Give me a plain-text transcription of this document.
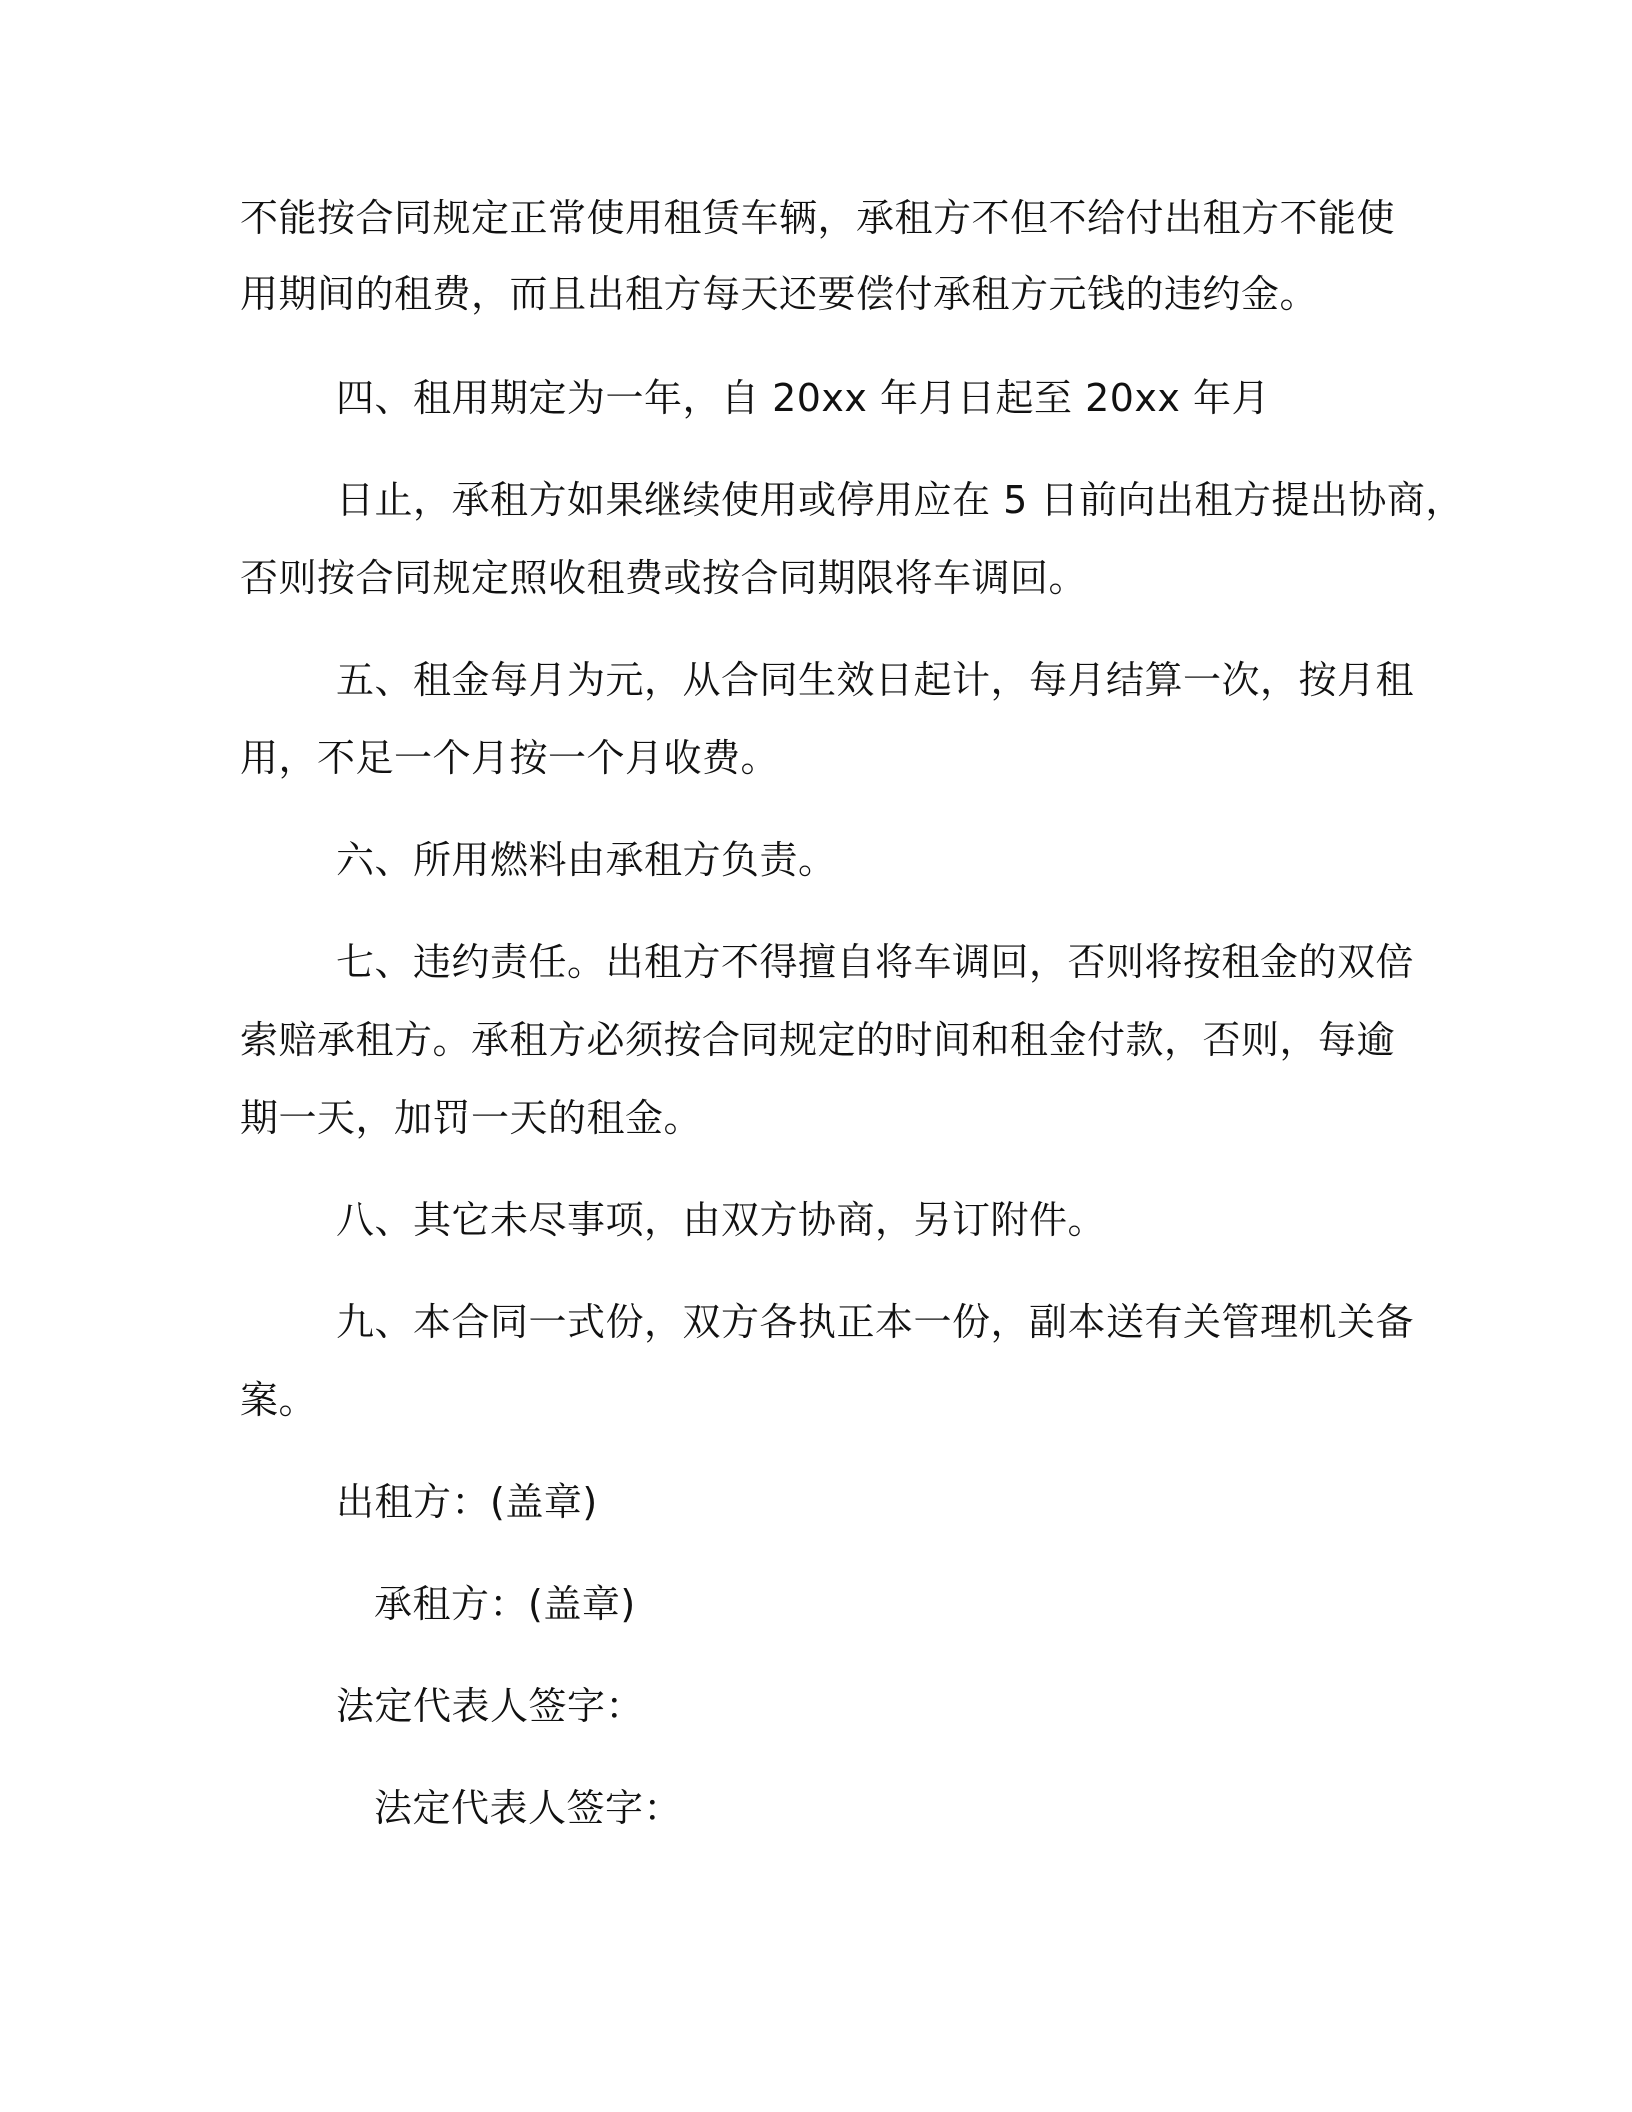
不能按合同规定正常使用租赁车辆，承租方不但不给付出租方不能使
用期间的租费，而且出租方每天还要偿付承租方元钱的违约金。
四、租用期定为一年，自 20xx 年月日起至 20xx 年月
日止，承租方如果继续使用或停用应在 5 日前向出租方提出协商，
否则按合同规定照收租费或按合同期限将车调回。
五、租金每月为元，从合同生效日起计，每月结算一次，按月租
用，不足一个月按一个月收费。
六、所用燃料由承租方负责。
七、违约责任。出租方不得擅自将车调回，否则将按租金的双倍
索赔承租方。承租方必须按合同规定的时间和租金付款，否则，每逾
期一天，加罚一天的租金。
八、其它未尽事项，由双方协商，另订附件。
九、本合同一式份，双方各执正本一份，副本送有关管理机关备
案。
出租方：(盖章)
承租方：(盖章)
法定代表人签字：
法定代表人签字：
